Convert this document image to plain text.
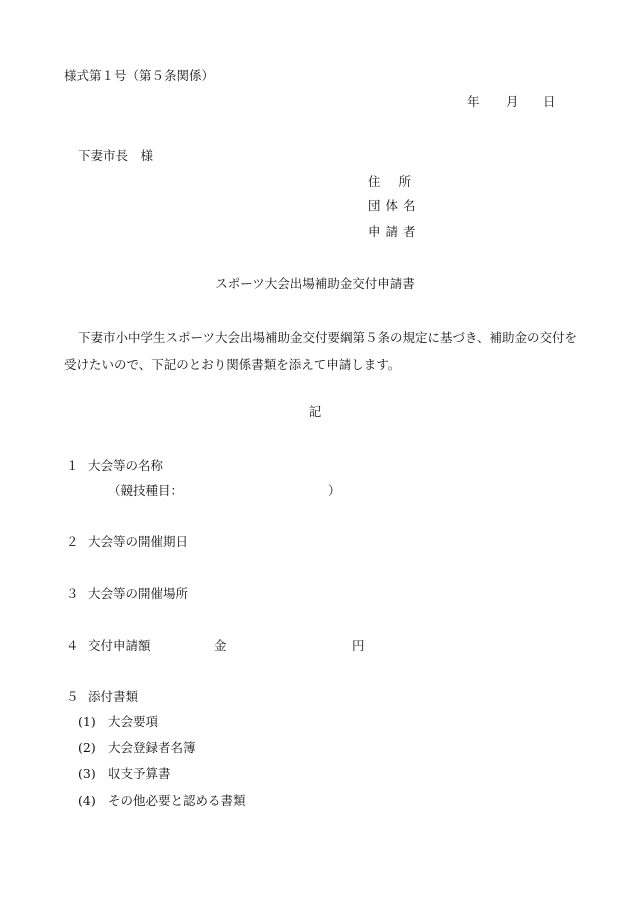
様式第１号（第５条関係）
年 月 日
下妻市長　様
住所
団体名
申請者
スポーツ大会出場補助金交付申請書
下妻市小中学生スポーツ大会出場補助金交付要綱第５条の規定に基づき、補助金の交付を受けたいので、下記のとおり関係書類を添えて申請します。
記
１ 大会等の名称
（競技種目：	）
２ 大会等の開催期日
３ 大会等の開催場所
４ 交付申請額	金	円
５ 添付書類
(1) 大会要項
(2) 大会登録者名簿
(3) 収支予算書
(4) その他必要と認める書類
